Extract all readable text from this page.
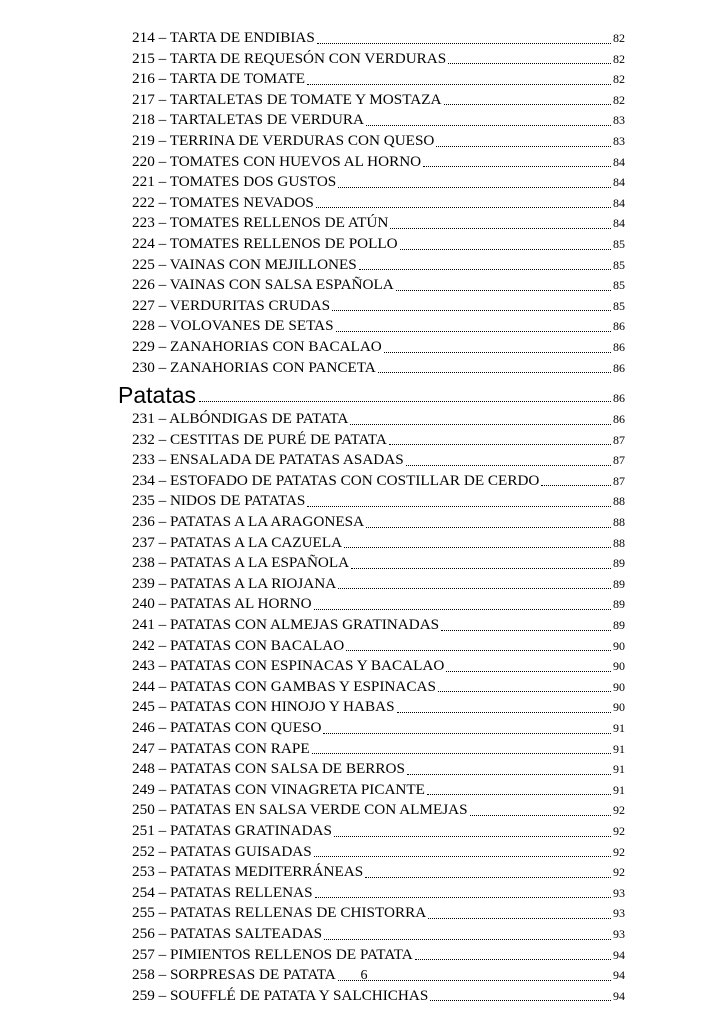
214 – TARTA DE ENDIBIAS	82
215 – TARTA DE REQUESÓN CON VERDURAS	82
216 – TARTA DE TOMATE	82
217 – TARTALETAS DE TOMATE Y MOSTAZA	82
218 – TARTALETAS DE VERDURA	83
219 – TERRINA DE VERDURAS CON QUESO	83
220 – TOMATES CON HUEVOS AL HORNO	84
221 – TOMATES DOS GUSTOS	84
222 – TOMATES NEVADOS	84
223 – TOMATES RELLENOS DE ATÚN	84
224 – TOMATES RELLENOS DE POLLO	85
225 – VAINAS CON MEJILLONES	85
226 – VAINAS CON SALSA ESPAÑOLA	85
227 – VERDURITAS CRUDAS	85
228 – VOLOVANES DE SETAS	86
229 – ZANAHORIAS CON BACALAO	86
230 – ZANAHORIAS CON PANCETA	86
Patatas	86
231 – ALBÓNDIGAS DE PATATA	86
232 – CESTITAS DE PURÉ DE PATATA	87
233 – ENSALADA DE PATATAS ASADAS	87
234 – ESTOFADO DE PATATAS CON COSTILLAR DE CERDO	87
235 – NIDOS DE PATATAS	88
236 – PATATAS A LA ARAGONESA	88
237 – PATATAS A LA CAZUELA	88
238 – PATATAS A LA ESPAÑOLA	89
239 – PATATAS A LA RIOJANA	89
240 – PATATAS AL HORNO	89
241 – PATATAS CON ALMEJAS GRATINADAS	89
242 – PATATAS CON BACALAO	90
243 – PATATAS CON ESPINACAS Y BACALAO	90
244 – PATATAS CON GAMBAS Y ESPINACAS	90
245 – PATATAS CON HINOJO Y HABAS	90
246 – PATATAS CON QUESO	91
247 – PATATAS CON RAPE	91
248 – PATATAS CON SALSA DE BERROS	91
249 – PATATAS CON VINAGRETA PICANTE	91
250 – PATATAS EN SALSA VERDE CON ALMEJAS	92
251 – PATATAS GRATINADAS	92
252 – PATATAS GUISADAS	92
253 – PATATAS MEDITERRÁNEAS	92
254 – PATATAS RELLENAS	93
255 – PATATAS RELLENAS DE CHISTORRA	93
256 – PATATAS SALTEADAS	93
257 – PIMIENTOS RELLENOS DE PATATA	94
258 – SORPRESAS DE PATATA	94
259 – SOUFFLÉ DE PATATA Y SALCHICHAS	94
6
